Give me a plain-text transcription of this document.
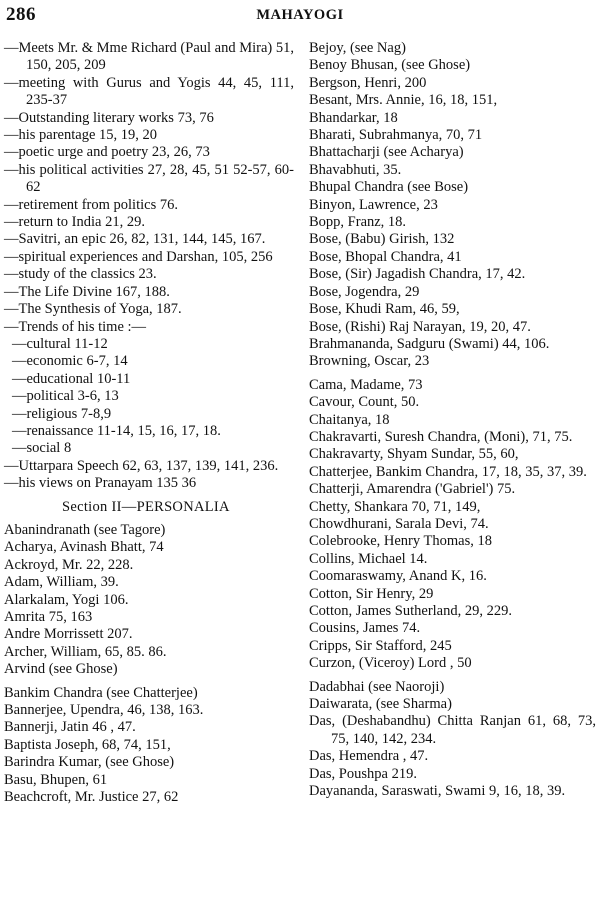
286	MAHAYOGI
—Meets Mr. & Mme Richard (Paul and Mira) 51, 150, 205, 209
—meeting with Gurus and Yogis 44, 45, 111, 235-37
—Outstanding literary works 73, 76
—his parentage 15, 19, 20
—poetic urge and poetry 23, 26, 73
—his political activities 27, 28, 45, 51 52-57, 60-62
—retirement from politics 76.
—return to India 21, 29.
—Savitri, an epic 26, 82, 131, 144, 145, 167.
—spiritual experiences and Darshan, 105, 256
—study of the classics 23.
—The Life Divine 167, 188.
—The Synthesis of Yoga, 187.
—Trends of his time :—
—cultural 11-12
—economic 6-7, 14
—educational 10-11
—political 3-6, 13
—religious 7-8,9
—renaissance 11-14, 15, 16, 17, 18.
—social 8
—Uttarpara Speech 62, 63, 137, 139, 141, 236.
—his views on Pranayam 135 36
Section II—PERSONALIA
Abanindranath (see Tagore)
Acharya, Avinash Bhatt, 74
Ackroyd, Mr. 22, 228.
Adam, William, 39.
Alarkalam, Yogi 106.
Amrita 75, 163
Andre Morrissett 207.
Archer, William, 65, 85. 86.
Arvind (see Ghose)
Bankim Chandra (see Chatterjee)
Bannerjee, Upendra, 46, 138, 163.
Bannerji, Jatin 46 , 47.
Baptista Joseph, 68, 74, 151,
Barindra Kumar, (see Ghose)
Basu, Bhupen, 61
Beachcroft, Mr. Justice 27, 62
Bejoy, (see Nag)
Benoy Bhusan, (see Ghose)
Bergson, Henri, 200
Besant, Mrs. Annie, 16, 18, 151,
Bhandarkar, 18
Bharati, Subrahmanya, 70, 71
Bhattacharji (see Acharya)
Bhavabhuti, 35.
Bhupal Chandra (see Bose)
Binyon, Lawrence, 23
Bopp, Franz, 18.
Bose, (Babu) Girish, 132
Bose, Bhopal Chandra, 41
Bose, (Sir) Jagadish Chandra, 17, 42.
Bose, Jogendra, 29
Bose, Khudi Ram, 46, 59,
Bose, (Rishi) Raj Narayan, 19, 20, 47.
Brahmananda, Sadguru (Swami) 44, 106.
Browning, Oscar, 23
Cama, Madame, 73
Cavour, Count, 50.
Chaitanya, 18
Chakravarti, Suresh Chandra, (Moni), 71, 75.
Chakravarty, Shyam Sundar, 55, 60,
Chatterjee, Bankim Chandra, 17, 18, 35, 37, 39.
Chatterji, Amarendra ('Gabriel') 75.
Chetty, Shankara 70, 71, 149,
Chowdhurani, Sarala Devi, 74.
Colebrooke, Henry Thomas, 18
Collins, Michael 14.
Coomaraswamy, Anand K, 16.
Cotton, Sir Henry, 29
Cotton, James Sutherland, 29, 229.
Cousins, James 74.
Cripps, Sir Stafford, 245
Curzon, (Viceroy) Lord , 50
Dadabhai (see Naoroji)
Daiwarata, (see Sharma)
Das, (Deshabandhu) Chitta Ranjan 61, 68, 73, 75, 140, 142, 234.
Das, Hemendra , 47.
Das, Poushpa 219.
Dayananda, Saraswati, Swami 9, 16, 18, 39.
